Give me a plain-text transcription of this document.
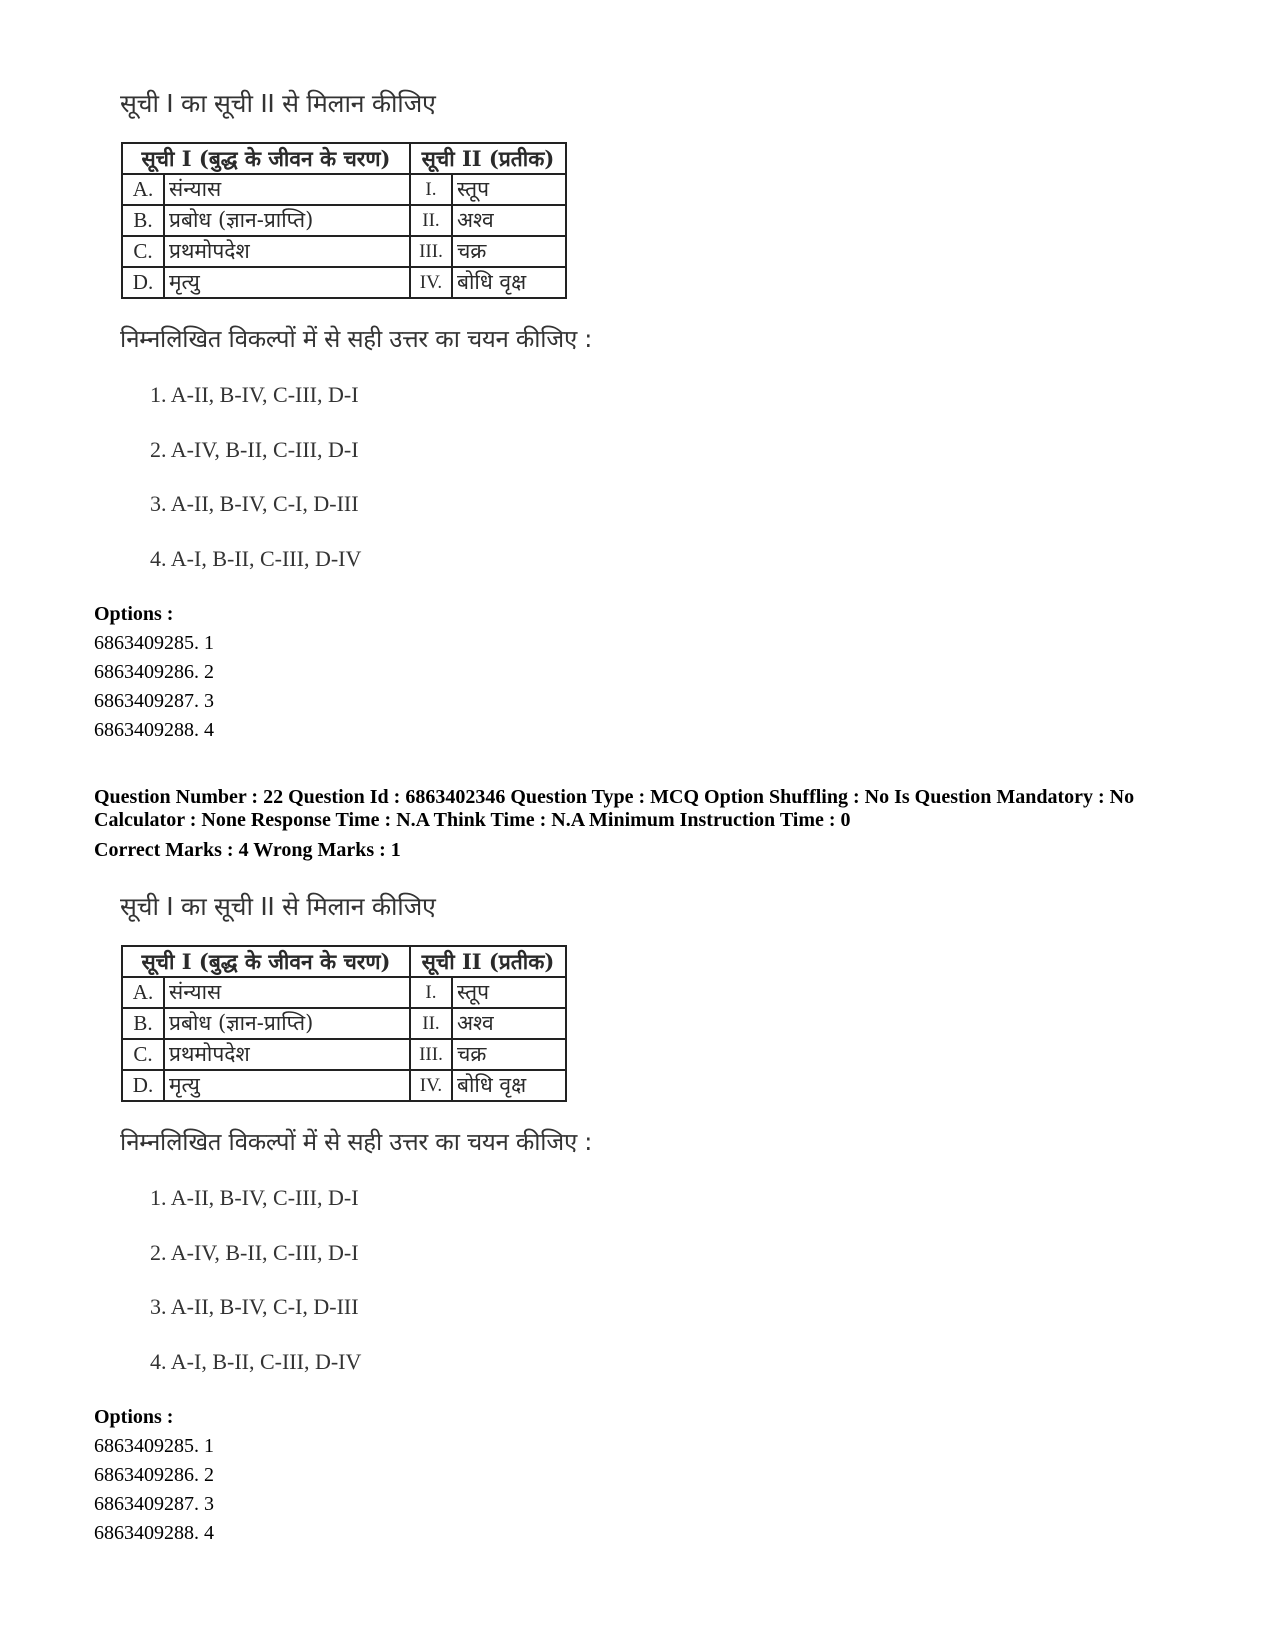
सूची I का सूची II से मिलान कीजिए
सूची I (बुद्ध के जीवन के चरण)		सूची II (प्रतीक)	
A.	संन्यास	I.	स्तूप
B.	प्रबोध (ज्ञान-प्राप्ति)	II.	अश्व
C.	प्रथमोपदेश	III.	चक्र
D.	मृत्यु	IV.	बोधि वृक्ष
निम्नलिखित विकल्पों में से सही उत्तर का चयन कीजिए :
1. A-II, B-IV, C-III, D-I
2. A-IV, B-II, C-III, D-I
3. A-II, B-IV, C-I, D-III
4. A-I, B-II, C-III, D-IV
Options :
6863409285. 1
6863409286. 2
6863409287. 3
6863409288. 4
Question Number : 22 Question Id : 6863402346 Question Type : MCQ Option Shuffling : No Is Question Mandatory : No Calculator : None Response Time : N.A Think Time : N.A Minimum Instruction Time : 0
Correct Marks : 4 Wrong Marks : 1
सूची I का सूची II से मिलान कीजिए
सूची I (बुद्ध के जीवन के चरण)		सूची II (प्रतीक)	
A.	संन्यास	I.	स्तूप
B.	प्रबोध (ज्ञान-प्राप्ति)	II.	अश्व
C.	प्रथमोपदेश	III.	चक्र
D.	मृत्यु	IV.	बोधि वृक्ष
निम्नलिखित विकल्पों में से सही उत्तर का चयन कीजिए :
1. A-II, B-IV, C-III, D-I
2. A-IV, B-II, C-III, D-I
3. A-II, B-IV, C-I, D-III
4. A-I, B-II, C-III, D-IV
Options :
6863409285. 1
6863409286. 2
6863409287. 3
6863409288. 4
